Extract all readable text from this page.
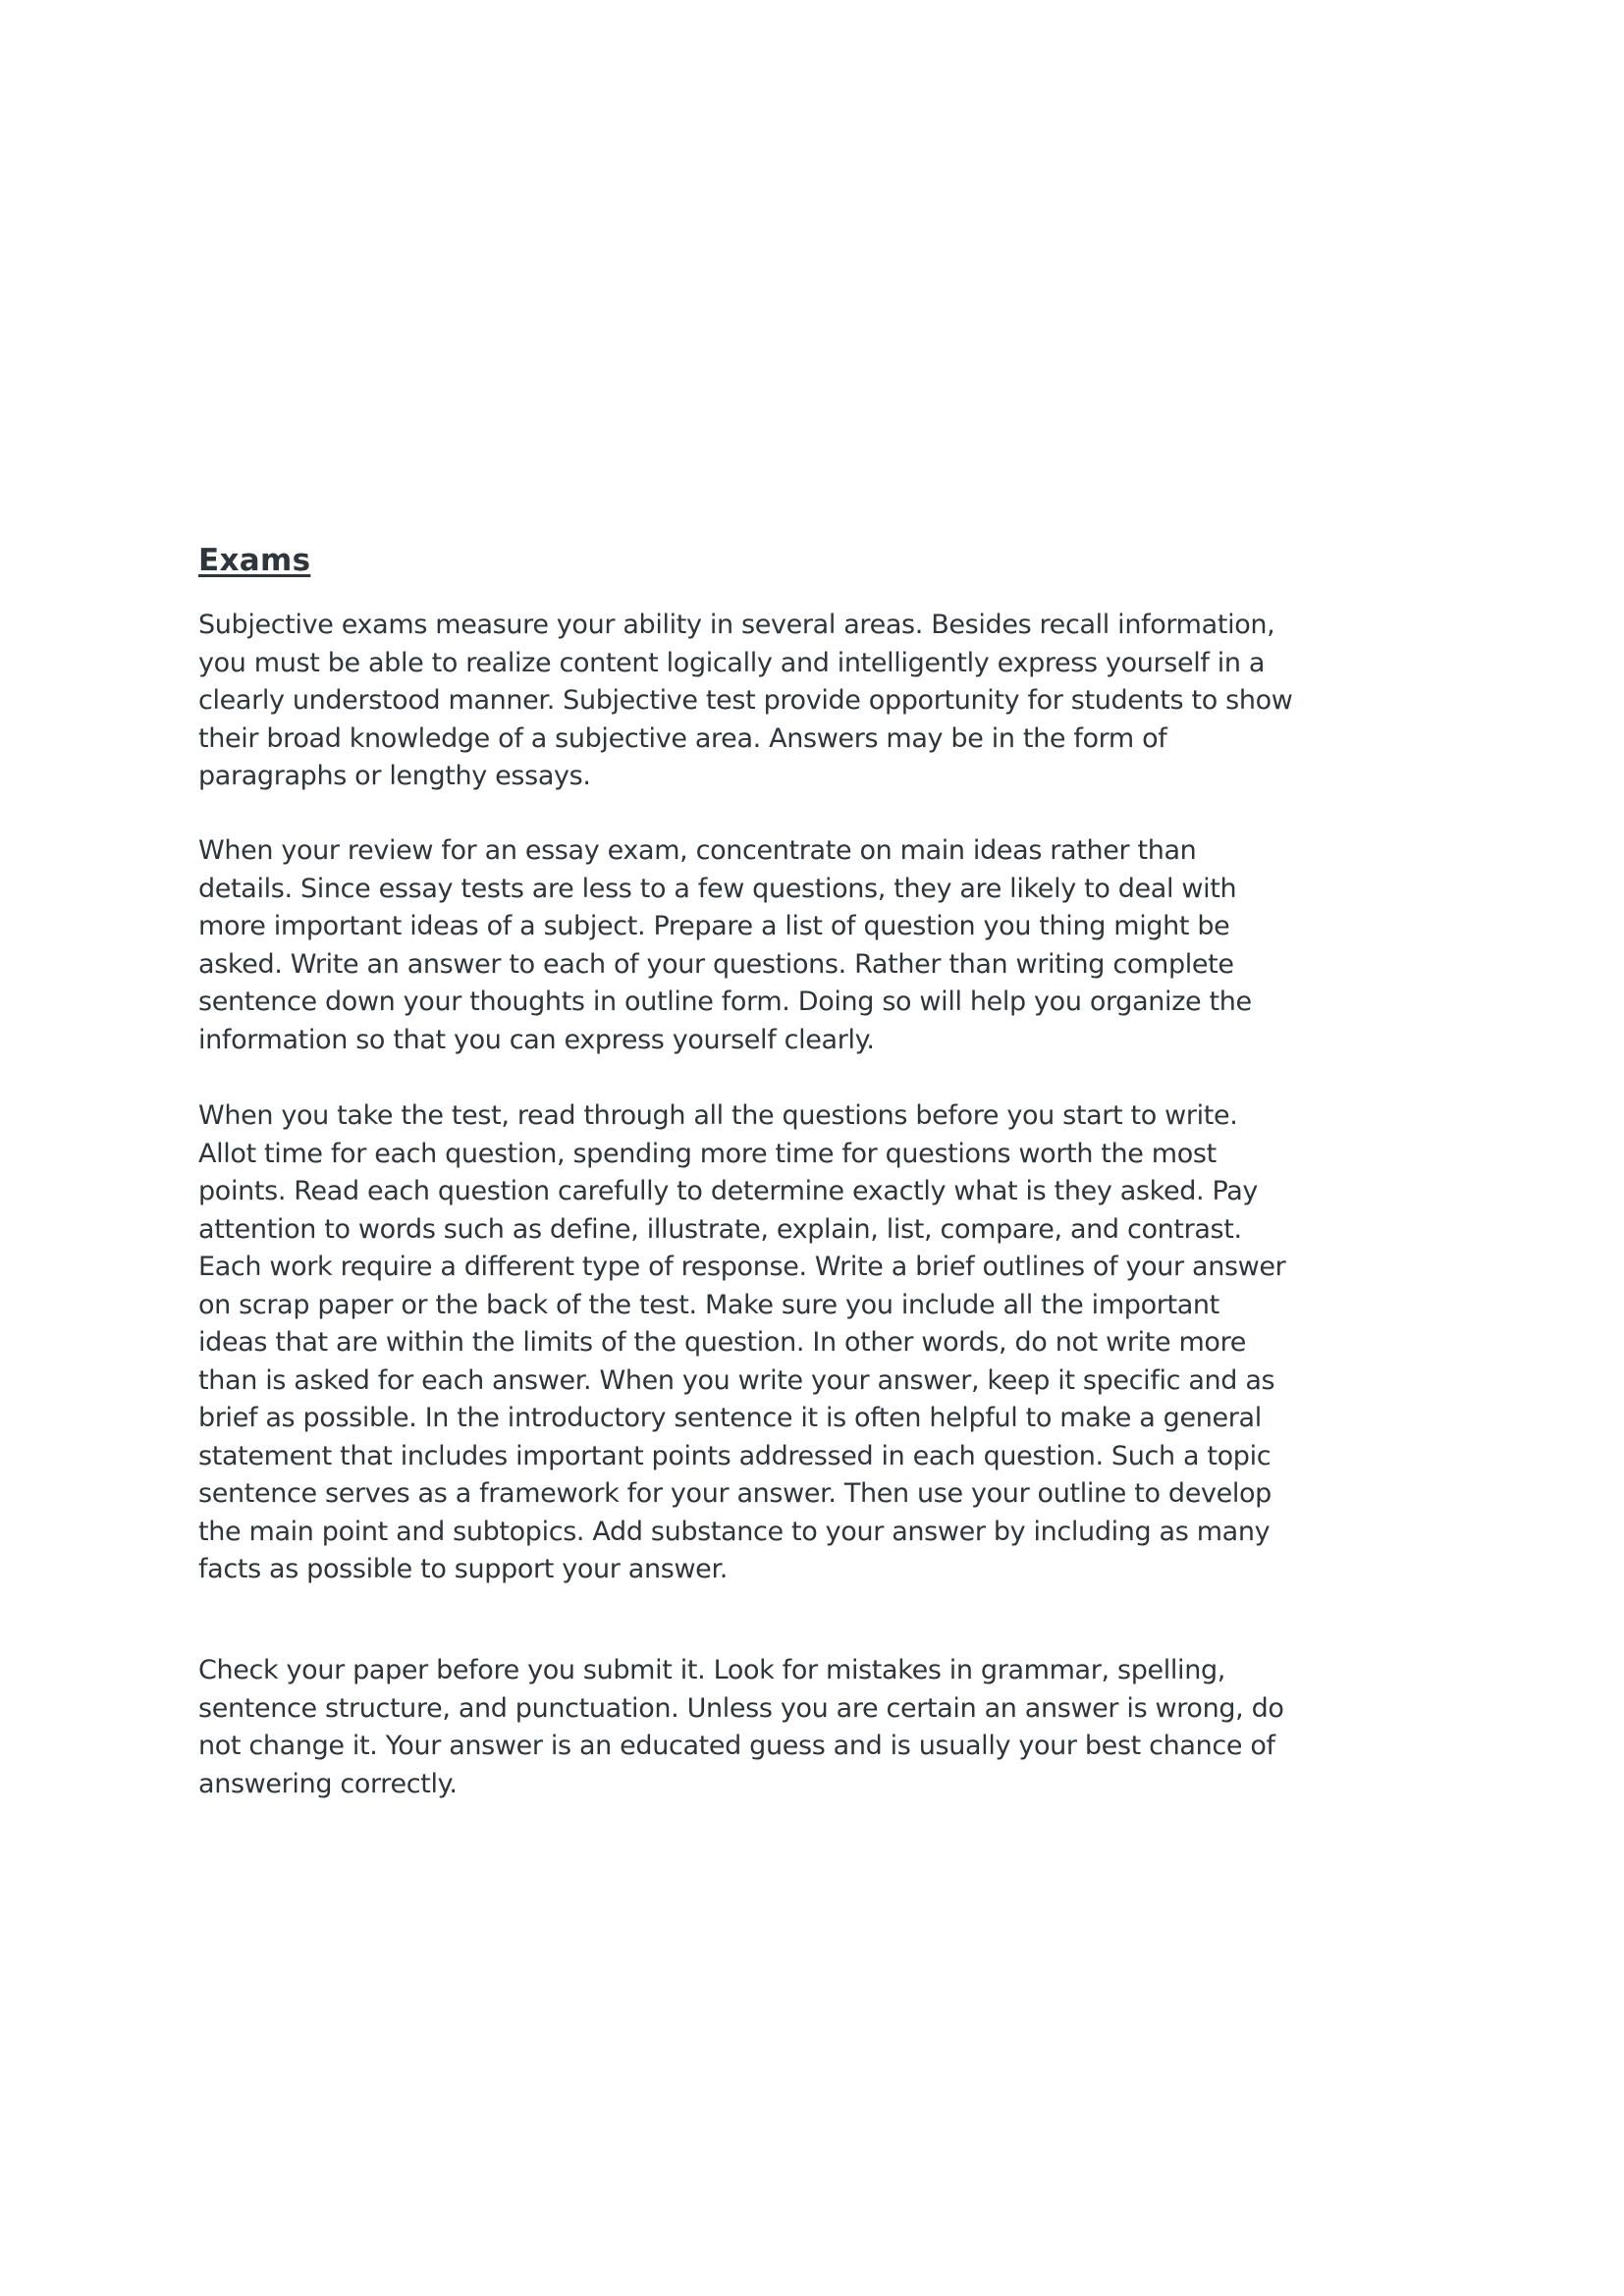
Exams
Subjective exams measure your ability in several areas. Besides recall information,
you must be able to realize content logically and intelligently express yourself in a
clearly understood manner. Subjective test provide opportunity for students to show
their broad knowledge of a subjective area. Answers may be in the form of
paragraphs or lengthy essays.
When your review for an essay exam, concentrate on main ideas rather than
details. Since essay tests are less to a few questions, they are likely to deal with
more important ideas of a subject. Prepare a list of question you thing might be
asked. Write an answer to each of your questions. Rather than writing complete
sentence down your thoughts in outline form. Doing so will help you organize the
information so that you can express yourself clearly.
When you take the test, read through all the questions before you start to write.
Allot time for each question, spending more time for questions worth the most
points. Read each question carefully to determine exactly what is they asked. Pay
attention to words such as define, illustrate, explain, list, compare, and contrast.
Each work require a different type of response. Write a brief outlines of your answer
on scrap paper or the back of the test. Make sure you include all the important
ideas that are within the limits of the question. In other words, do not write more
than is asked for each answer. When you write your answer, keep it specific and as
brief as possible. In the introductory sentence it is often helpful to make a general
statement that includes important points addressed in each question. Such a topic
sentence serves as a framework for your answer. Then use your outline to develop
the main point and subtopics. Add substance to your answer by including as many
facts as possible to support your answer.
Check your paper before you submit it. Look for mistakes in grammar, spelling,
sentence structure, and punctuation. Unless you are certain an answer is wrong, do
not change it. Your answer is an educated guess and is usually your best chance of
answering correctly.
